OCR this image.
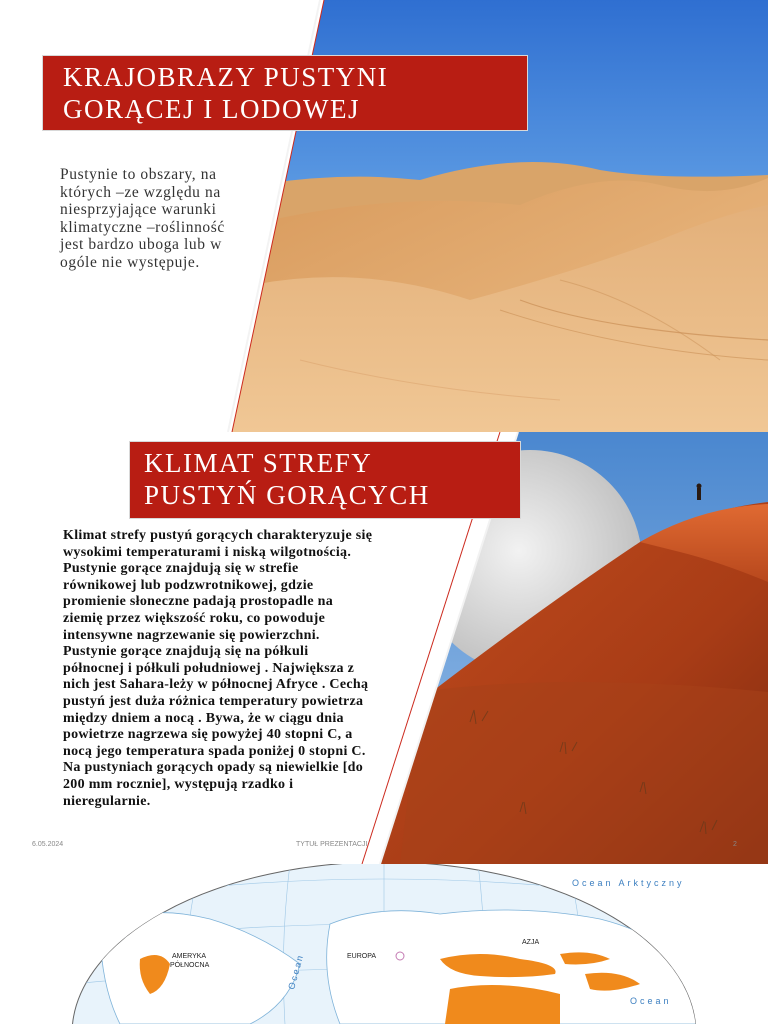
KRAJOBRAZY PUSTYNI
GORĄCEJ I LODOWEJ
Pustynie to obszary, na których –ze względu na niesprzyjające warunki klimatyczne –roślinność jest bardzo uboga lub w ogóle nie występuje.
KLIMAT STREFY
PUSTYŃ GORĄCYCH
Klimat strefy pustyń gorących charakteryzuje się wysokimi temperaturami i niską wilgotnością. Pustynie gorące znajdują się w strefie równikowej lub podzwrotnikowej, gdzie promienie słoneczne padają prostopadle na ziemię przez większość roku, co powoduje intensywne nagrzewanie się powierzchni. Pustynie gorące znajdują się na półkuli północnej i półkuli południowej . Największa z nich jest Sahara-leży w północnej Afryce . Cechą pustyń jest duża różnica temperatury powietrza między dniem a nocą . Bywa, że w ciągu dnia powietrze nagrzewa się powyżej 40 stopni C, a nocą jego temperatura spada poniżej 0 stopni C. Na pustyniach gorących opady są niewielkie [do 200 mm rocznie], występują rzadko i nieregularnie.
6.05.2024	TYTUŁ PREZENTACJI	2
Ocean Arktyczny
Ocean
Ocean
AMERYKA
PÓŁNOCNA
EUROPA
AZJA
